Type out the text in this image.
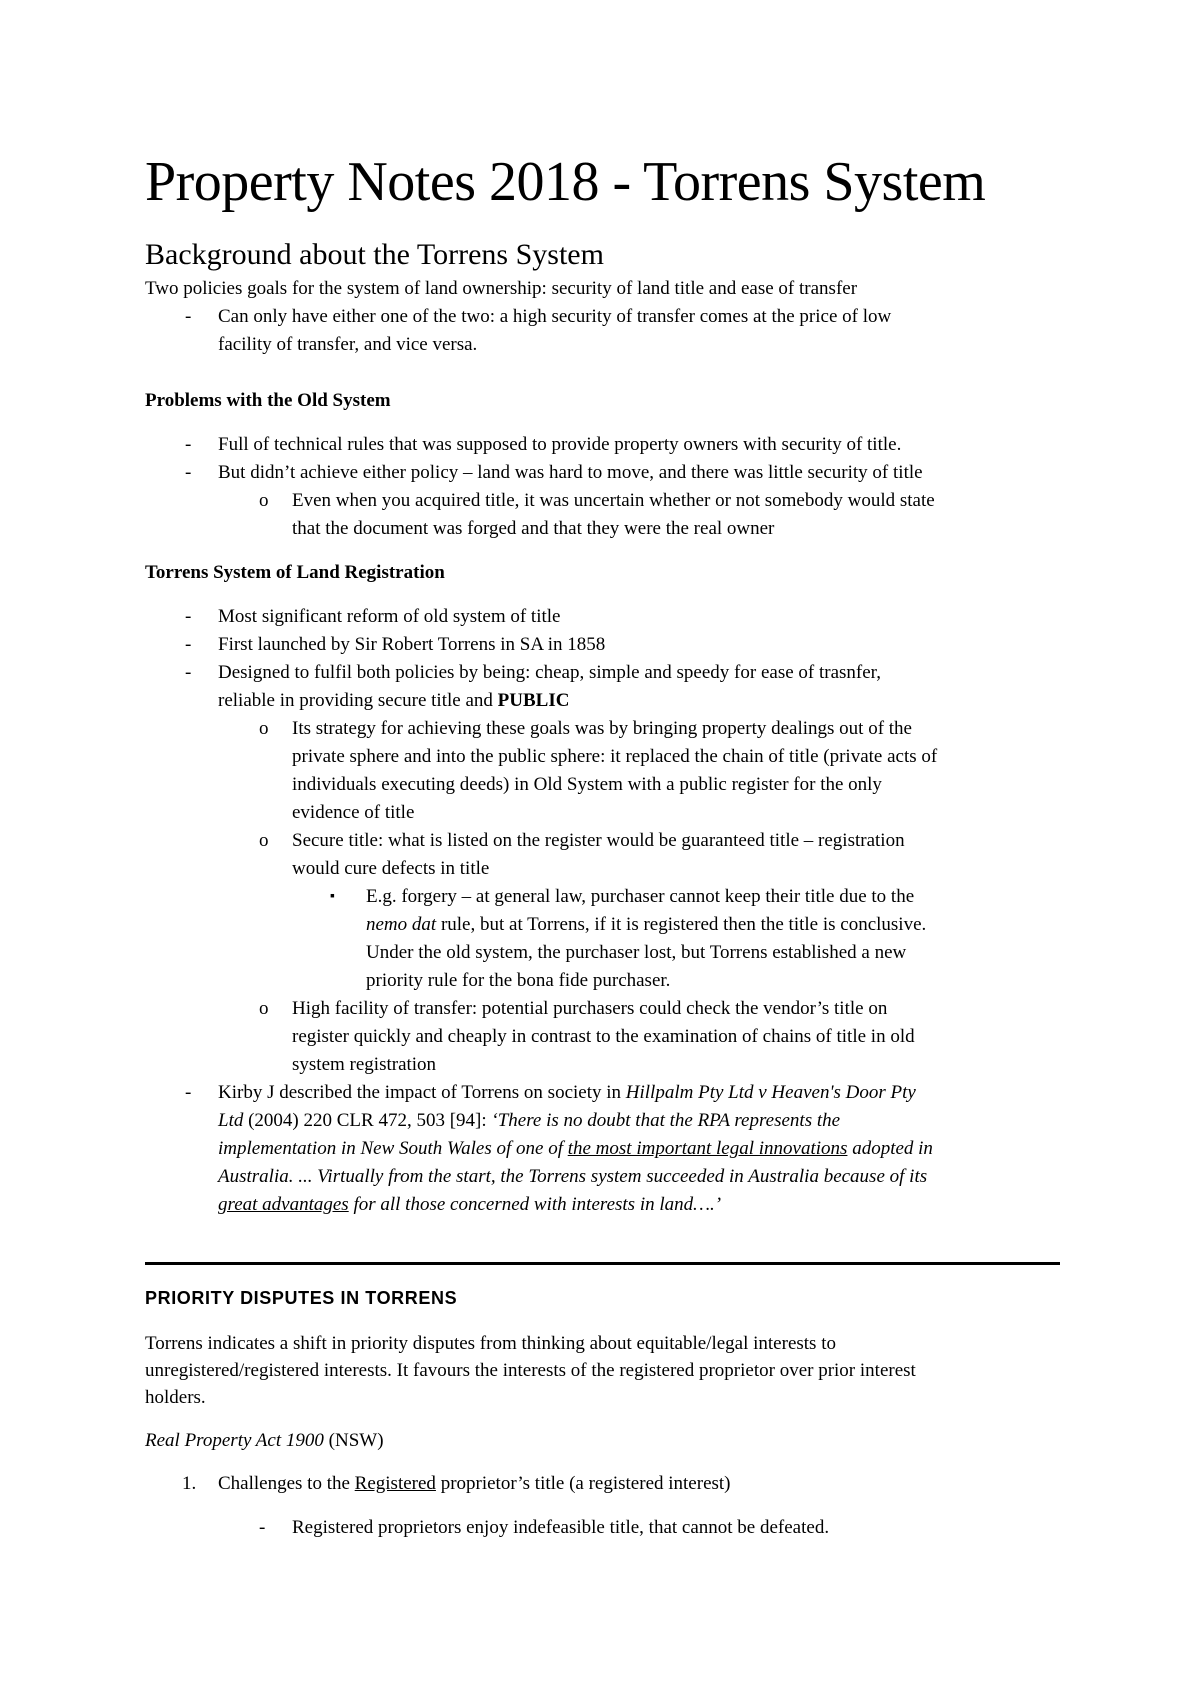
Property Notes 2018 - Torrens System
Background about the Torrens System
Two policies goals for the system of land ownership: security of land title and ease of transfer
- Can only have either one of the two: a high security of transfer comes at the price of low
facility of transfer, and vice versa.
Problems with the Old System
- Full of technical rules that was supposed to provide property owners with security of title.
- But didn’t achieve either policy – land was hard to move, and there was little security of title
o Even when you acquired title, it was uncertain whether or not somebody would state
that the document was forged and that they were the real owner
Torrens System of Land Registration
- Most significant reform of old system of title
- First launched by Sir Robert Torrens in SA in 1858
- Designed to fulfil both policies by being: cheap, simple and speedy for ease of trasnfer,
reliable in providing secure title and PUBLIC
o Its strategy for achieving these goals was by bringing property dealings out of the
private sphere and into the public sphere: it replaced the chain of title (private acts of
individuals executing deeds) in Old System with a public register for the only
evidence of title
o Secure title: what is listed on the register would be guaranteed title – registration
would cure defects in title
▪ E.g. forgery – at general law, purchaser cannot keep their title due to the
nemo dat rule, but at Torrens, if it is registered then the title is conclusive.
Under the old system, the purchaser lost, but Torrens established a new
priority rule for the bona fide purchaser.
o High facility of transfer: potential purchasers could check the vendor’s title on
register quickly and cheaply in contrast to the examination of chains of title in old
system registration
- Kirby J described the impact of Torrens on society in Hillpalm Pty Ltd v Heaven's Door Pty
Ltd (2004) 220 CLR 472, 503 [94]: ‘There is no doubt that the RPA represents the
implementation in New South Wales of one of the most important legal innovations adopted in
Australia. ... Virtually from the start, the Torrens system succeeded in Australia because of its
great advantages for all those concerned with interests in land….’
PRIORITY DISPUTES IN TORRENS
Torrens indicates a shift in priority disputes from thinking about equitable/legal interests to
unregistered/registered interests. It favours the interests of the registered proprietor over prior interest
holders.
Real Property Act 1900 (NSW)
1. Challenges to the Registered proprietor’s title (a registered interest)
- Registered proprietors enjoy indefeasible title, that cannot be defeated.
